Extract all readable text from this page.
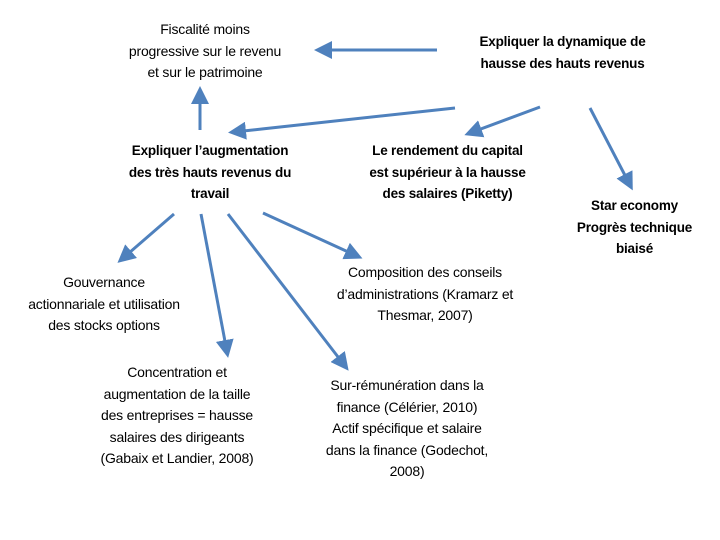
Fiscalité moins
progressive sur le revenu
et sur le patrimoine
Expliquer la dynamique de
hausse des hauts revenus
Expliquer l’augmentation
des très hauts revenus du
travail
Le rendement du capital
est supérieur à la hausse
des salaires (Piketty)
Star economy
Progrès technique
biaisé
Gouvernance
actionnariale et utilisation
des stocks options
Composition des conseils
d’administrations (Kramarz et
Thesmar, 2007)
Concentration et
augmentation de la taille
des entreprises = hausse
salaires des dirigeants
(Gabaix et Landier, 2008)
Sur-rémunération dans la
finance (Célérier, 2010)
Actif spécifique et salaire
dans la finance (Godechot,
2008)
